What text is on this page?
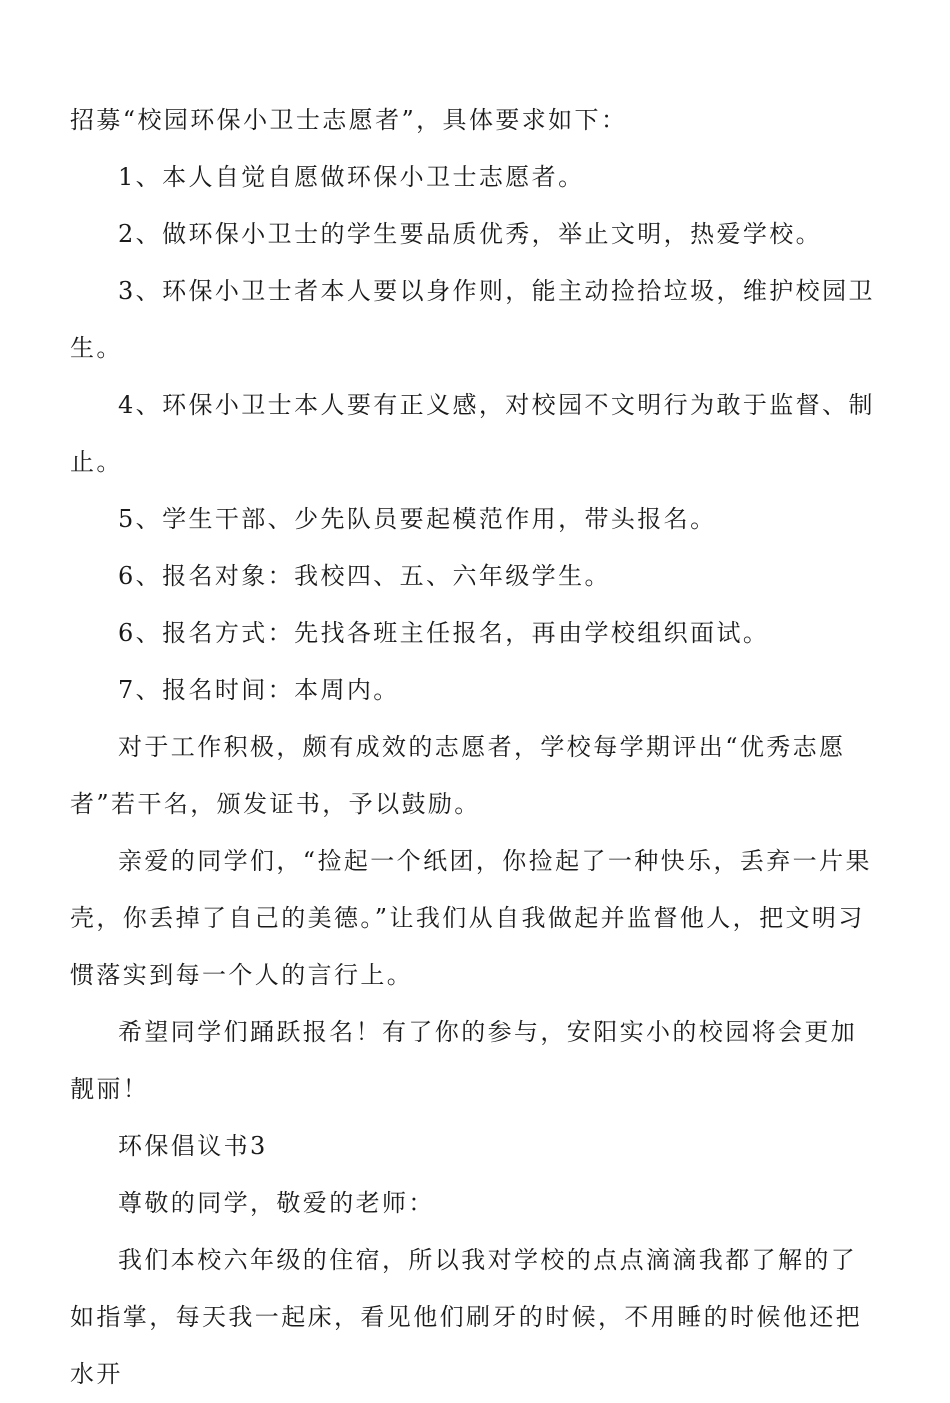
招募“校园环保小卫士志愿者”，具体要求如下：

1、本人自觉自愿做环保小卫士志愿者。

2、做环保小卫士的学生要品质优秀，举止文明，热爱学校。

3、环保小卫士者本人要以身作则，能主动捡拾垃圾，维护校园卫生。

4、环保小卫士本人要有正义感，对校园不文明行为敢于监督、制止。

5、学生干部、少先队员要起模范作用，带头报名。

6、报名对象：我校四、五、六年级学生。

6、报名方式：先找各班主任报名，再由学校组织面试。

7、报名时间：本周内。

对于工作积极，颇有成效的志愿者，学校每学期评出“优秀志愿者”若干名，颁发证书，予以鼓励。

亲爱的同学们，“捡起一个纸团，你捡起了一种快乐，丢弃一片果壳，你丢掉了自己的美德。”让我们从自我做起并监督他人，把文明习惯落实到每一个人的言行上。

希望同学们踊跃报名！有了你的参与，安阳实小的校园将会更加靓丽！

环保倡议书3

尊敬的同学，敬爱的老师：

我们本校六年级的住宿，所以我对学校的点点滴滴我都了解的了如指掌，每天我一起床，看见他们刷牙的时候，不用睡的时候他还把水开
